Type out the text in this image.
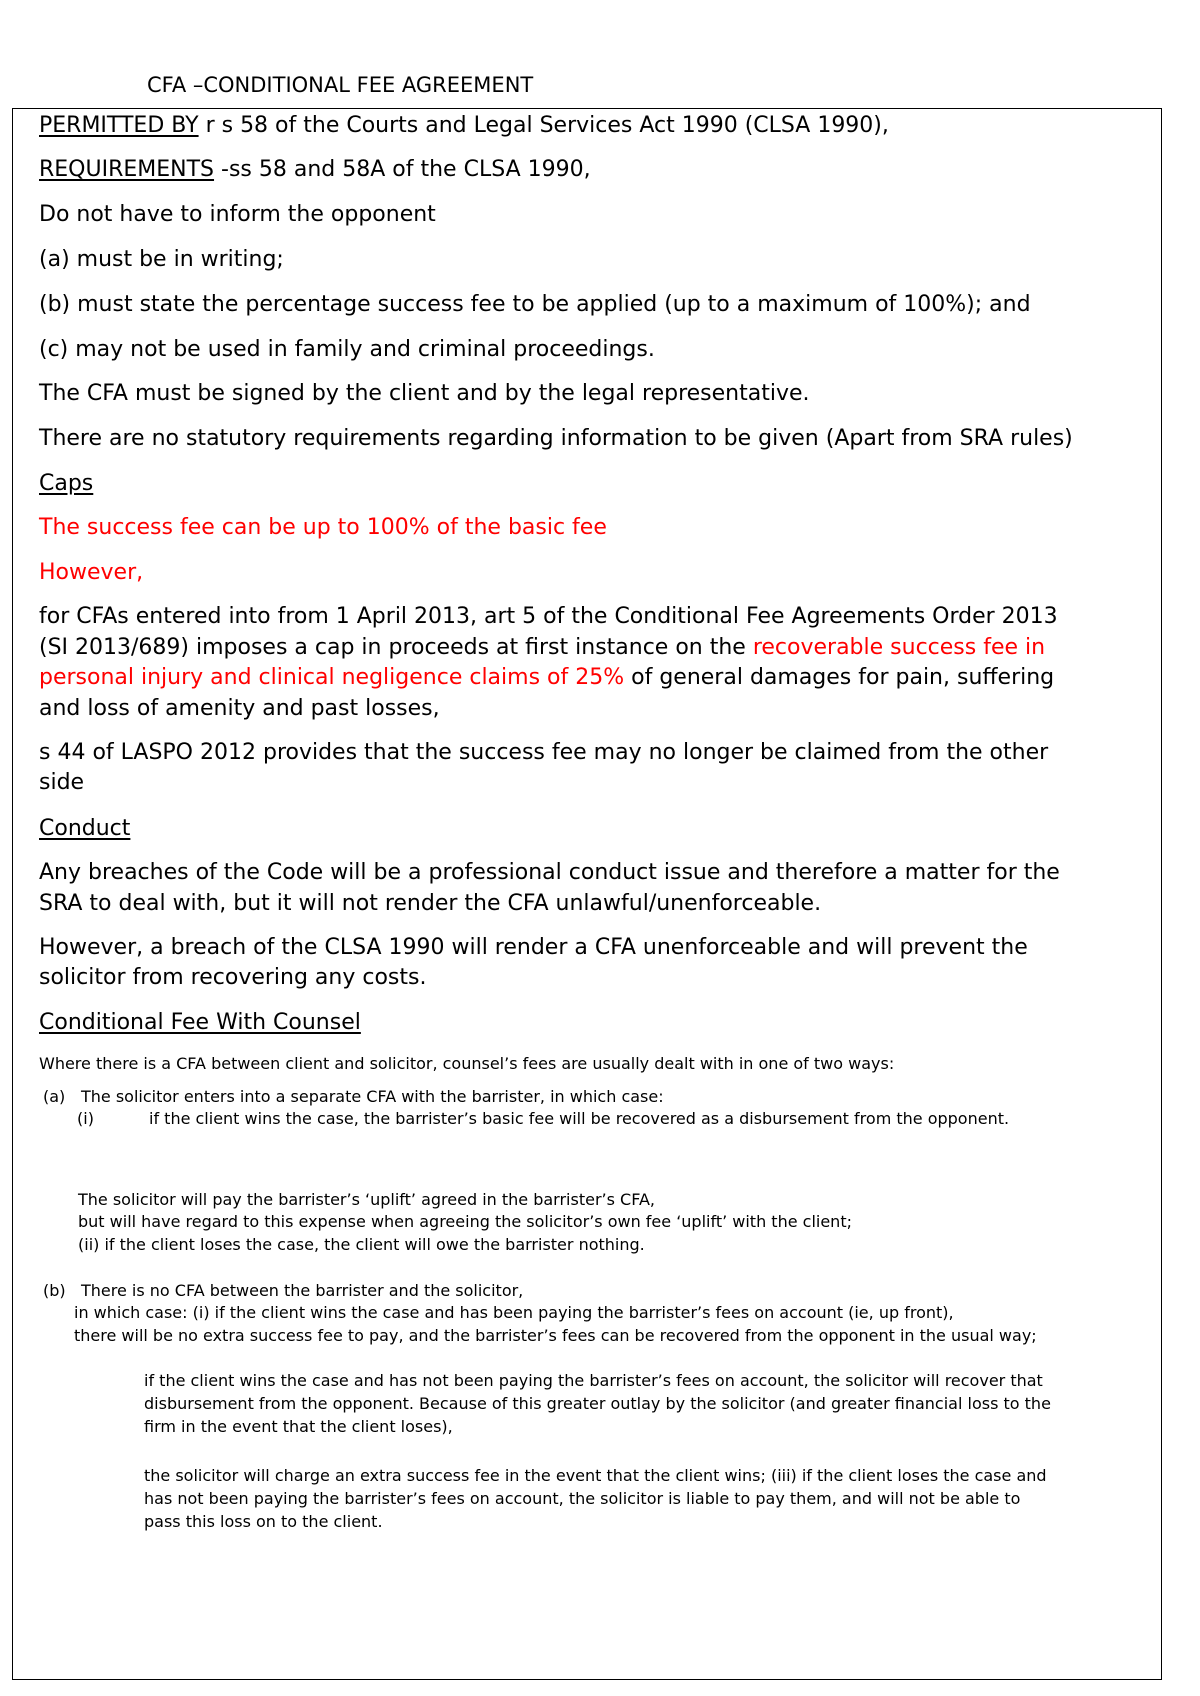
CFA –CONDITIONAL FEE AGREEMENT
PERMITTED BY r s 58 of the Courts and Legal Services Act 1990 (CLSA 1990),
REQUIREMENTS -ss 58 and 58A of the CLSA 1990,
Do not have to inform the opponent
(a) must be in writing;
(b) must state the percentage success fee to be applied (up to a maximum of 100%); and
(c) may not be used in family and criminal proceedings.
The CFA must be signed by the client and by the legal representative.
There are no statutory requirements regarding information to be given (Apart from SRA rules)
Caps
The success fee can be up to 100% of the basic fee
However,
for CFAs entered into from 1 April 2013, art 5 of the Conditional Fee Agreements Order 2013
(SI 2013/689) imposes a cap in proceeds at first instance on the recoverable success fee in
personal injury and clinical negligence claims of 25% of general damages for pain, suffering
and loss of amenity and past losses,
s 44 of LASPO 2012 provides that the success fee may no longer be claimed from the other
side
Conduct
Any breaches of the Code will be a professional conduct issue and therefore a matter for the
SRA to deal with, but it will not render the CFA unlawful/unenforceable.
However, a breach of the CLSA 1990 will render a CFA unenforceable and will prevent the
solicitor from recovering any costs.
Conditional Fee With Counsel
Where there is a CFA between client and solicitor, counsel’s fees are usually dealt with in one of two ways:
(a) The solicitor enters into a separate CFA with the barrister, in which case:
(i)	if the client wins the case, the barrister’s basic fee will be recovered as a disbursement from the opponent.
The solicitor will pay the barrister’s ‘uplift’ agreed in the barrister’s CFA,
but will have regard to this expense when agreeing the solicitor’s own fee ‘uplift’ with the client;
(ii) if the client loses the case, the client will owe the barrister nothing.
(b) There is no CFA between the barrister and the solicitor,
in which case: (i) if the client wins the case and has been paying the barrister’s fees on account (ie, up front),
there will be no extra success fee to pay, and the barrister’s fees can be recovered from the opponent in the usual way;
if the client wins the case and has not been paying the barrister’s fees on account, the solicitor will recover that
disbursement from the opponent. Because of this greater outlay by the solicitor (and greater financial loss to the
firm in the event that the client loses),
the solicitor will charge an extra success fee in the event that the client wins; (iii) if the client loses the case and
has not been paying the barrister’s fees on account, the solicitor is liable to pay them, and will not be able to
pass this loss on to the client.
